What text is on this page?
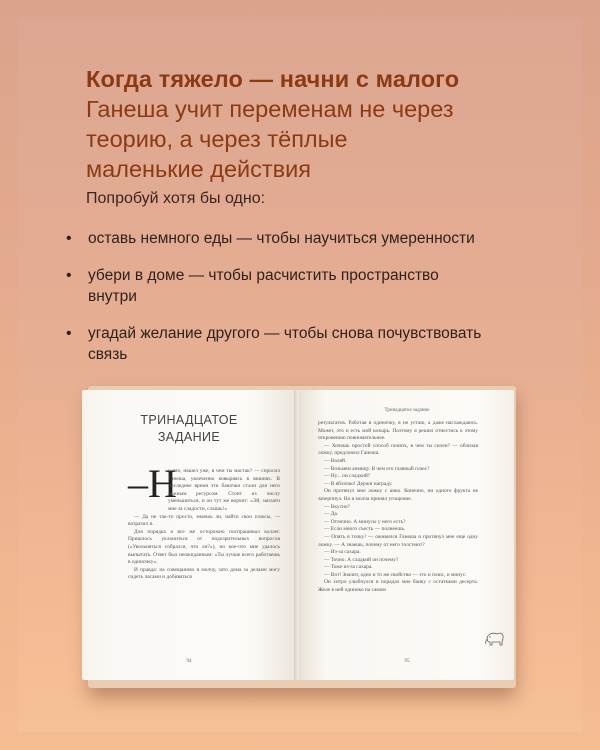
Когда тяжело — начни с малого
Ганеша учит переменам не через
теорию, а через тёплые
маленькие действия
Попробуй хотя бы одно:
• оставь немного еды — чтобы научиться умеренности
• убери в доме — чтобы расчистить пространство
внутри
• угадай желание другого — чтобы снова почувствовать
связь
ТРИНАДЦАТОЕ
ЗАДАНИЕ
–Н
у что, нашел уже, в чем ты мастак? — спросил Ганеша, увлеченно ковыряясь в вишнях. В последнее время эти баночки стали для него важным ресурсом. Стоит их числу уменьшиться, и он тут же ворчит: «Эй, заплати мне за сладости, слышь!»
— Да не так-то просто, знаешь ли, найти свои плюсы, — возразил я.
Для порядка я все же осторожно поспрашивал коллег. Пришлось уклониться от подозрительных вопросов («Увольняться собрался, что ли?»), но кое-что мне удалось выпытать. Ответ был неожиданным: «Ты лучше всего работаешь в одиночку».
И правда: на совещаниях я молчу, зато дома за делами могу сидеть часами и добиваться
94
Тринадцатое задание
результатов. Работая в одиночку, я не устаю, а даже наслаждаюсь. Может, это и есть мой козырь. Поэтому я решил отнестись к этому откровению повнимательнее.
— Хочешь простой способ понять, в чем ты силен? — облизав ложку, предложил Ганеша.
— Валяй.
— Возьмем анмицу. В чем его главный плюс?
— Ну... он сладкий?
— В яблочко! Держи награду.
Он протянул мне ложку с анко. Конечно, ни одного фрукта не зачерпнул. Но я молча принял угощение.
— Вкусно?
— Да.
— Отлично. А минусы у него есть?
— Если много съесть — полнеешь.
— Опять в точку! — оживился Ганеша и протянул мне еще одну ложку. — А знаешь, почему от него толстеют?
— Из-за сахара.
— Точно. А сладкий он почему?
— Тоже из-за сахара.
— Вот! Значит, одно и то же свойство — это и плюс, и минус.
Он хитро улыбнулся и порадал мне банку с остатками десерта. Желе в ней одиноко на самом
95
